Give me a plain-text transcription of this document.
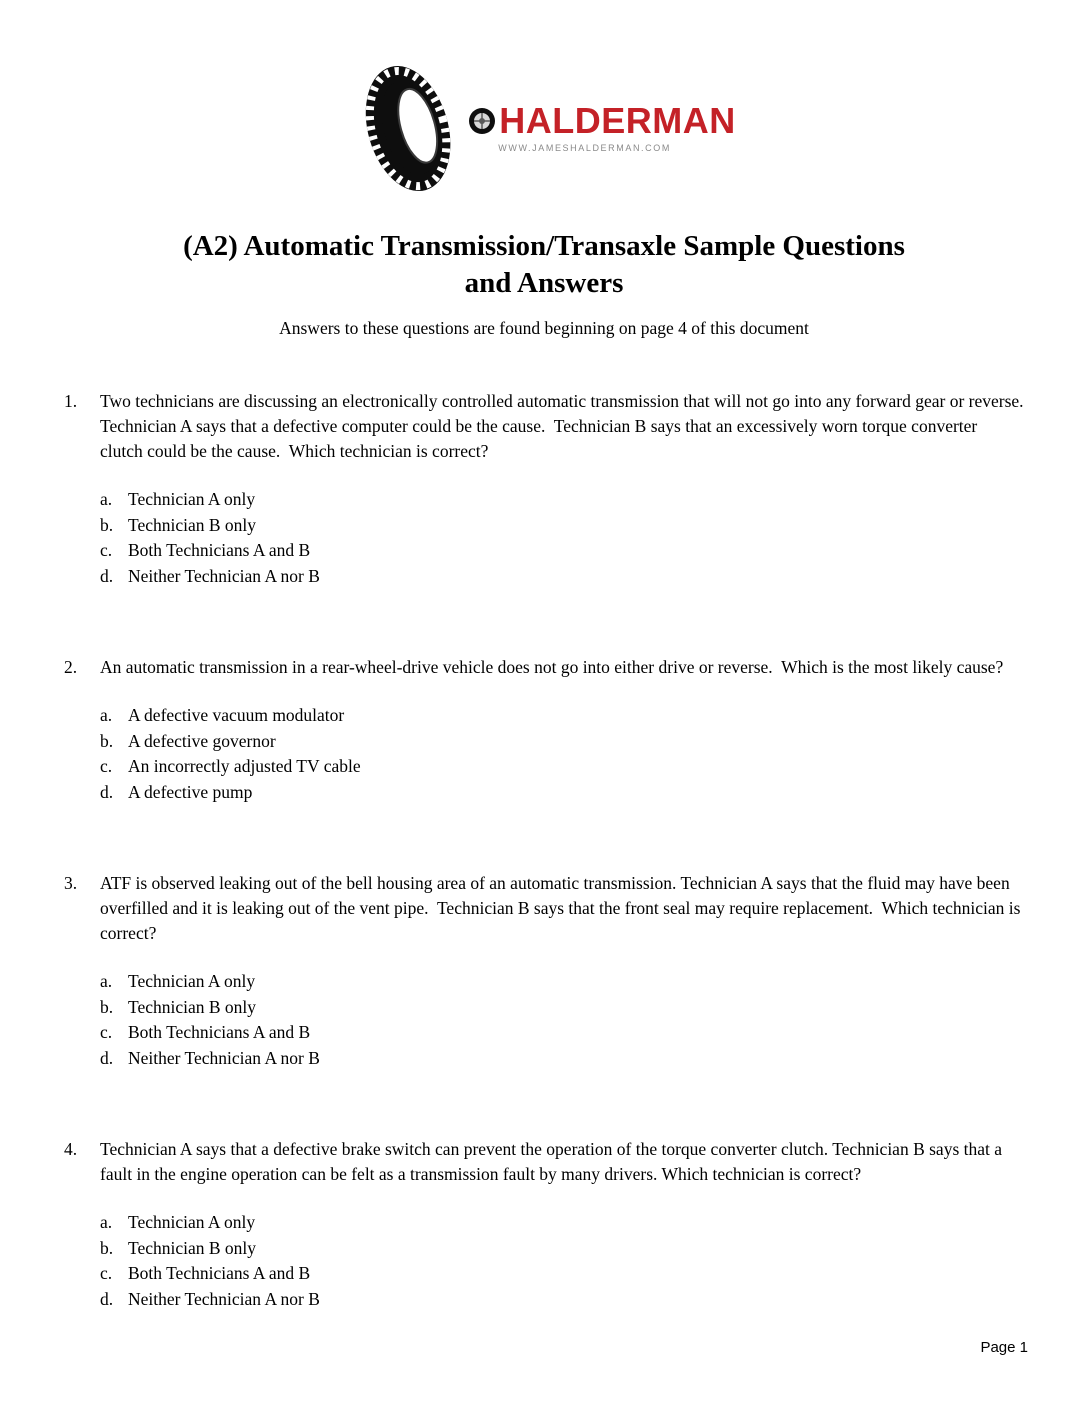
HALDERMAN
WWW.JAMESHALDERMAN.COM
(A2) Automatic Transmission/Transaxle Sample Questions
and Answers
Answers to these questions are found beginning on page 4 of this document
1.	Two technicians are discussing an electronically controlled automatic transmission that will not go into any forward gear or reverse.  Technician A says that a defective computer could be the cause.  Technician B says that an excessively worn torque converter clutch could be the cause.  Which technician is correct?
a. Technician A only
b. Technician B only
c. Both Technicians A and B
d. Neither Technician A nor B
2.	An automatic transmission in a rear-wheel-drive vehicle does not go into either drive or reverse.  Which is the most likely cause?
a. A defective vacuum modulator
b. A defective governor
c. An incorrectly adjusted TV cable
d. A defective pump
3.	ATF is observed leaking out of the bell housing area of an automatic transmission. Technician A says that the fluid may have been overfilled and it is leaking out of the vent pipe.  Technician B says that the front seal may require replacement.  Which technician is correct?
a. Technician A only
b. Technician B only
c. Both Technicians A and B
d. Neither Technician A nor B
4.	Technician A says that a defective brake switch can prevent the operation of the torque converter clutch. Technician B says that a fault in the engine operation can be felt as a transmission fault by many drivers. Which technician is correct?
a. Technician A only
b. Technician B only
c. Both Technicians A and B
d. Neither Technician A nor B
Page 1
